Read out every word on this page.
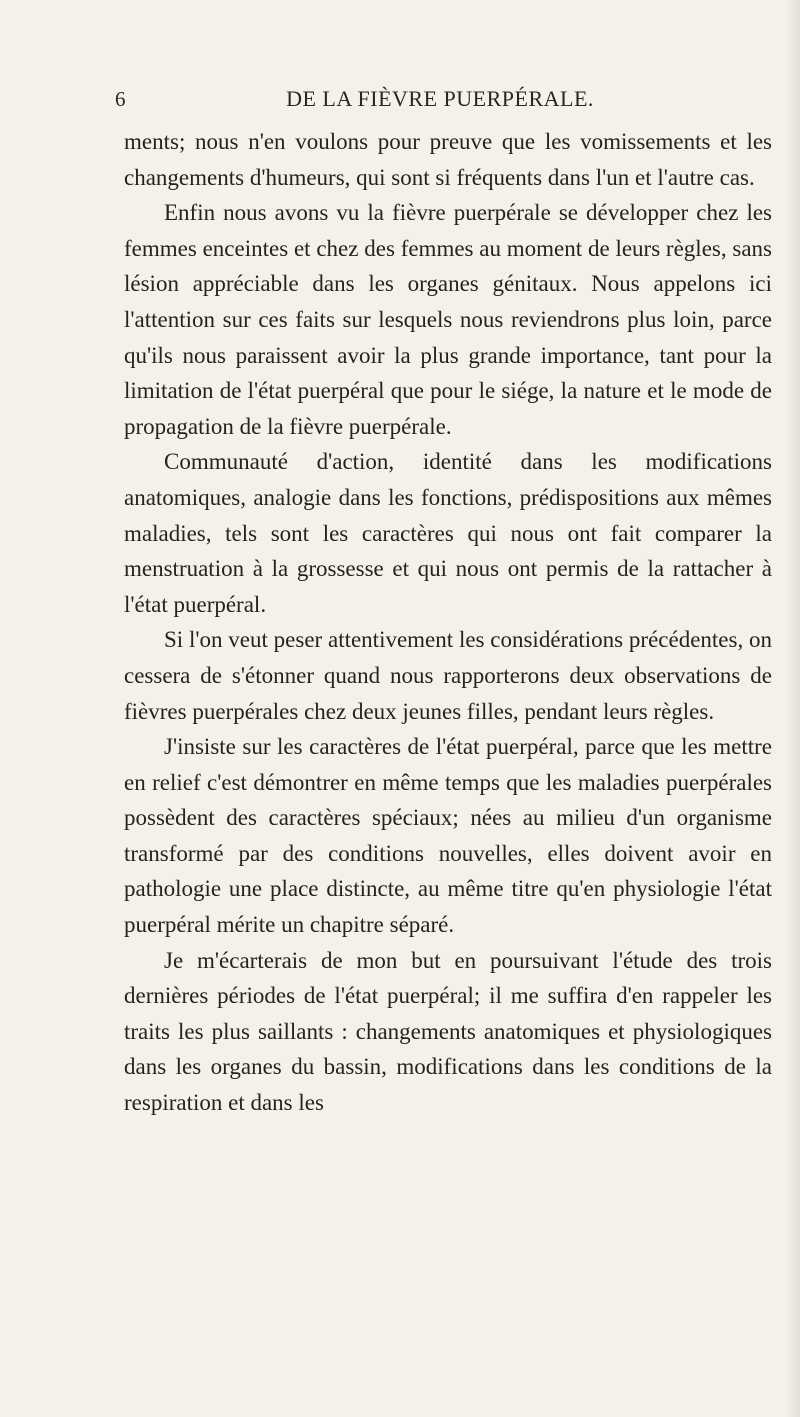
6	DE LA FIÈVRE PUERPÉRALE.

ments; nous n'en voulons pour preuve que les vomissements et les changements d'humeurs, qui sont si fréquents dans l'un et l'autre cas.

Enfin nous avons vu la fièvre puerpérale se développer chez les femmes enceintes et chez des femmes au moment de leurs règles, sans lésion appréciable dans les organes génitaux. Nous appelons ici l'attention sur ces faits sur lesquels nous reviendrons plus loin, parce qu'ils nous paraissent avoir la plus grande importance, tant pour la limitation de l'état puerpéral que pour le siége, la nature et le mode de propagation de la fièvre puerpérale.

Communauté d'action, identité dans les modifications anatomiques, analogie dans les fonctions, prédispositions aux mêmes maladies, tels sont les caractères qui nous ont fait comparer la menstruation à la grossesse et qui nous ont permis de la rattacher à l'état puerpéral.

Si l'on veut peser attentivement les considérations précédentes, on cessera de s'étonner quand nous rapporterons deux observations de fièvres puerpérales chez deux jeunes filles, pendant leurs règles.

J'insiste sur les caractères de l'état puerpéral, parce que les mettre en relief c'est démontrer en même temps que les maladies puerpérales possèdent des caractères spéciaux; nées au milieu d'un organisme transformé par des conditions nouvelles, elles doivent avoir en pathologie une place distincte, au même titre qu'en physiologie l'état puerpéral mérite un chapitre séparé.

Je m'écarterais de mon but en poursuivant l'étude des trois dernières périodes de l'état puerpéral; il me suffira d'en rappeler les traits les plus saillants : changements anatomiques et physiologiques dans les organes du bassin, modifications dans les conditions de la respiration et dans les
